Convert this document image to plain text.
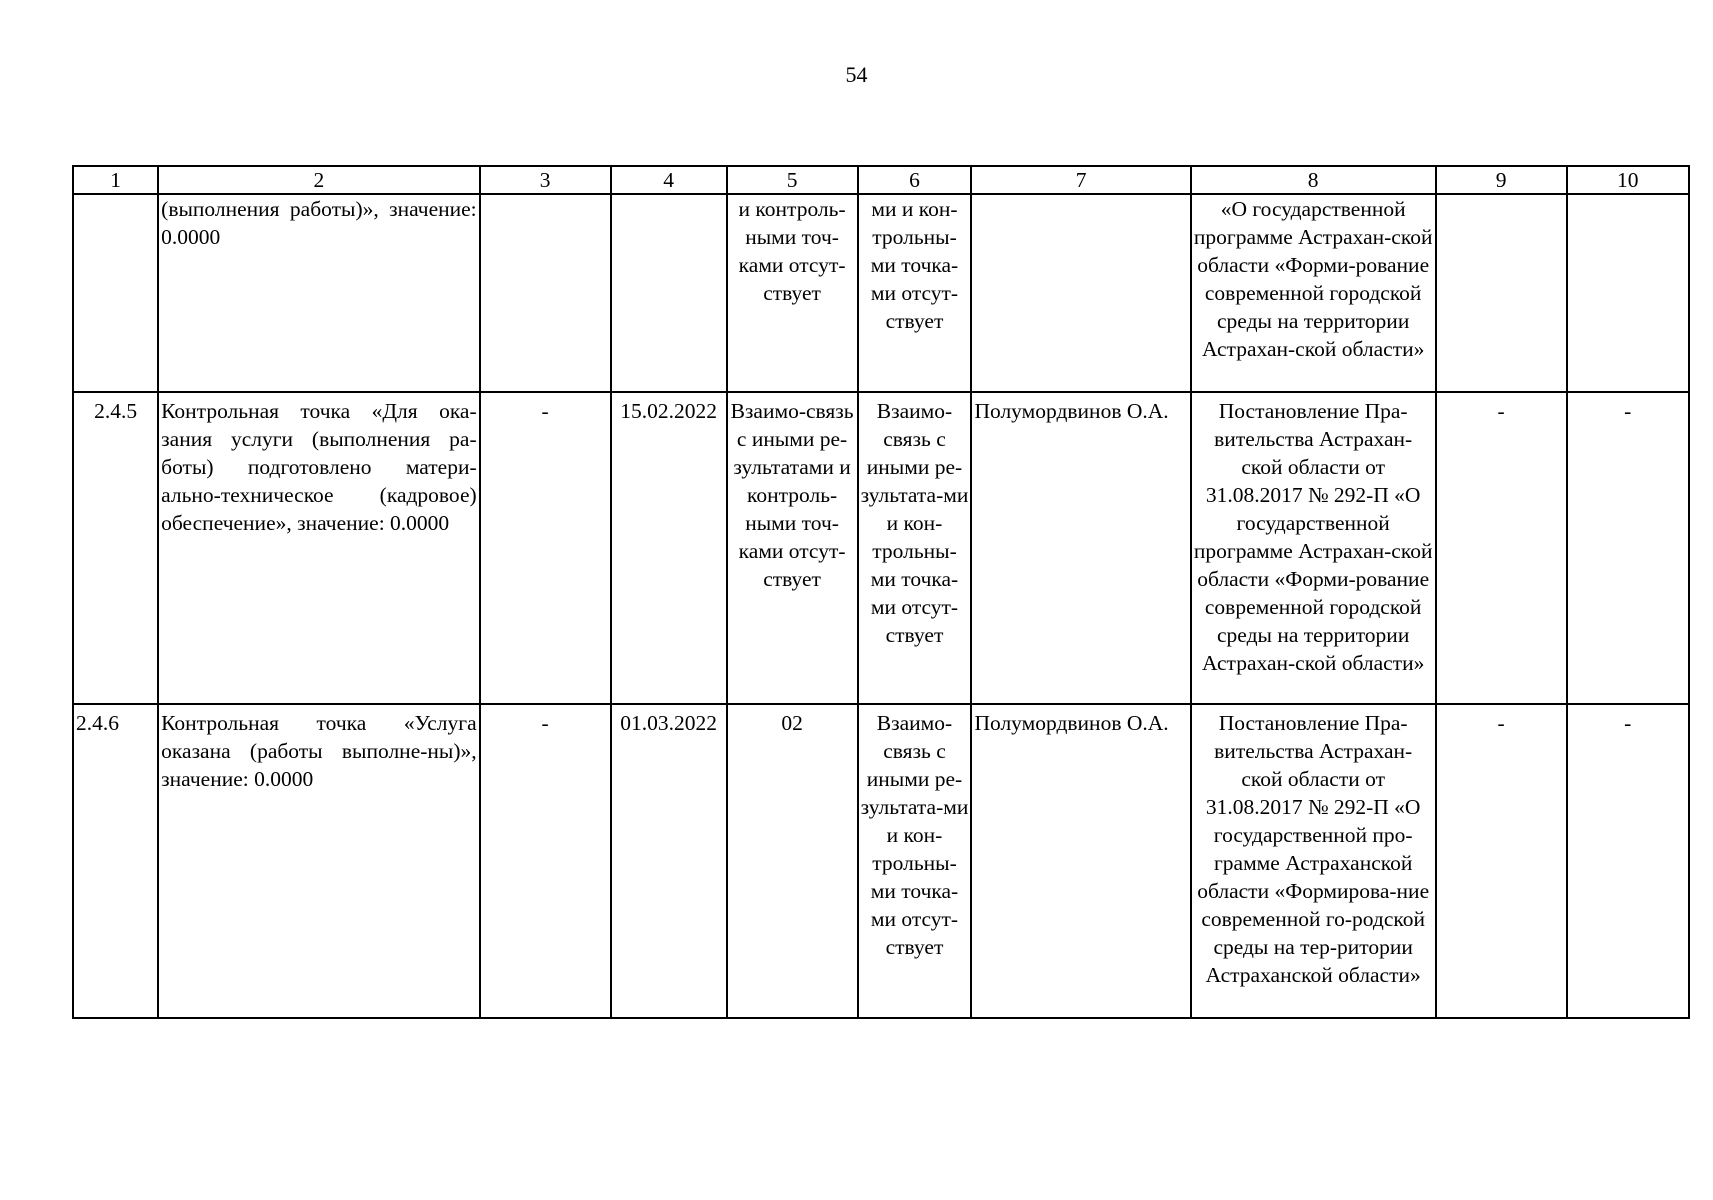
54
1	2	3	4	5	6	7	8	9	10
	(выполнения работы)», значение: 0.0000			и контроль-ными точ-ками отсут-ствует	ми и кон-трольны-ми точка-ми отсут-ствует		«О государственной программе Астрахан-ской области «Форми-рование современной городской среды на территории Астрахан-ской области»		
2.4.5	Контрольная точка «Для ока-зания услуги (выполнения ра-боты) подготовлено матери-ально-техническое (кадровое) обеспечение», значение: 0.0000	-	15.02.2022	Взаимо-связь с иными ре-зультатами и контроль-ными точ-ками отсут-ствует	Взаимо-связь с иными ре-зультата-ми и кон-трольны-ми точка-ми отсут-ствует	Полумордвинов О.А.	Постановление Пра-вительства Астрахан-ской области от 31.08.2017 № 292-П «О государственной программе Астрахан-ской области «Форми-рование современной городской среды на территории Астрахан-ской области»	-	-
2.4.6	Контрольная точка «Услуга оказана (работы выполне-ны)», значение: 0.0000	-	01.03.2022	02	Взаимо-связь с иными ре-зультата-ми и кон-трольны-ми точка-ми отсут-ствует	Полумордвинов О.А.	Постановление Пра-вительства Астрахан-ской области от 31.08.2017 № 292-П «О государственной про-грамме Астраханской области «Формирова-ние современной го-родской среды на тер-ритории Астраханской области»	-	-
